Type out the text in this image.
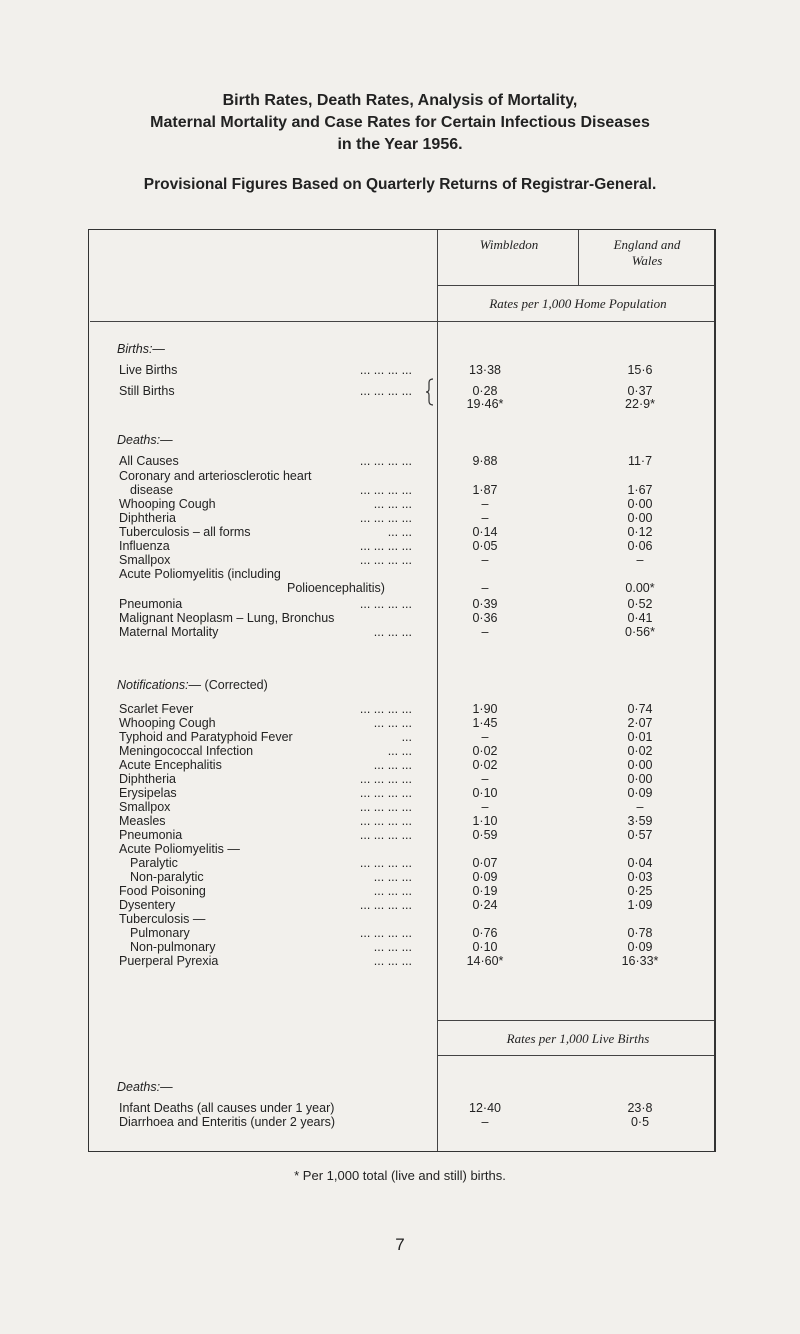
Birth Rates, Death Rates, Analysis of Mortality,
Maternal Mortality and Case Rates for Certain Infectious Diseases
in the Year 1956.
Provisional Figures Based on Quarterly Returns of Registrar-General.
Wimbledon	England and
Wales
Rates per 1,000 Home Population
Rates per 1,000 Live Births
Births:—
Live Births	... ... ... ...	13·38	15·6
Still Births	... ... ... ...	0·28	0·37
19·46*	22·9*
Deaths:—
All Causes	... ... ... ...	9·88	11·7
Coronary and arteriosclerotic heart
disease	... ... ... ...	1·87	1·67
Whooping Cough	... ... ...	–	0·00
Diphtheria	... ... ... ...	–	0·00
Tuberculosis – all forms	... ...	0·14	0·12
Influenza	... ... ... ...	0·05	0·06
Smallpox	... ... ... ...	–	–
Acute Poliomyelitis (including
Polioencephalitis)	–	0.00*
Pneumonia	... ... ... ...	0·39	0·52
Malignant Neoplasm – Lung, Bronchus	0·36	0·41
Maternal Mortality	... ... ...	–	0·56*
Notifications:— (Corrected)
Scarlet Fever	... ... ... ...	1·90	0·74
Whooping Cough	... ... ...	1·45	2·07
Typhoid and Paratyphoid Fever	...	–	0·01
Meningococcal Infection	... ...	0·02	0·02
Acute Encephalitis	... ... ...	0·02	0·00
Diphtheria	... ... ... ...	–	0·00
Erysipelas	... ... ... ...	0·10	0·09
Smallpox	... ... ... ...	–	–
Measles	... ... ... ...	1·10	3·59
Pneumonia	... ... ... ...	0·59	0·57
Acute Poliomyelitis —
Paralytic	... ... ... ...	0·07	0·04
Non-paralytic	... ... ...	0·09	0·03
Food Poisoning	... ... ...	0·19	0·25
Dysentery	... ... ... ...	0·24	1·09
Tuberculosis —
Pulmonary	... ... ... ...	0·76	0·78
Non-pulmonary	... ... ...	0·10	0·09
Puerperal Pyrexia	... ... ...	14·60*	16·33*
Deaths:—
Infant Deaths (all causes under 1 year)	12·40	23·8
Diarrhoea and Enteritis (under 2 years)	–	0·5
* Per 1,000 total (live and still) births.
7
